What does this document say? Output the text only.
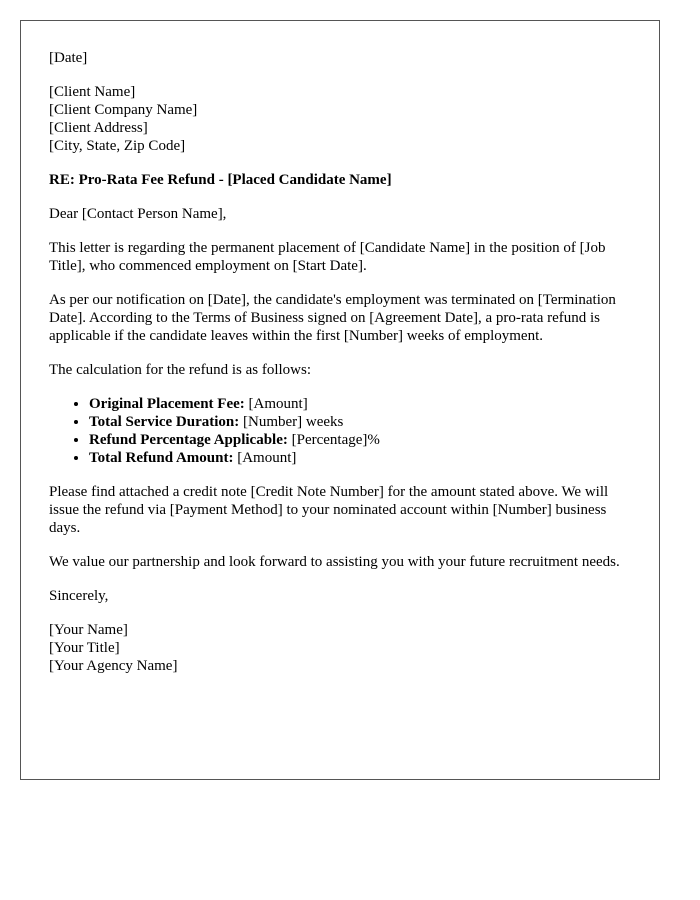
[Date]

[Client Name]
[Client Company Name]
[Client Address]
[City, State, Zip Code]

RE: Pro-Rata Fee Refund - [Placed Candidate Name]

Dear [Contact Person Name],

This letter is regarding the permanent placement of [Candidate Name] in the position of [Job Title], who commenced employment on [Start Date].

As per our notification on [Date], the candidate's employment was terminated on [Termination Date]. According to the Terms of Business signed on [Agreement Date], a pro-rata refund is applicable if the candidate leaves within the first [Number] weeks of employment.

The calculation for the refund is as follows:

• Original Placement Fee: [Amount]
• Total Service Duration: [Number] weeks
• Refund Percentage Applicable: [Percentage]%
• Total Refund Amount: [Amount]

Please find attached a credit note [Credit Note Number] for the amount stated above. We will issue the refund via [Payment Method] to your nominated account within [Number] business days.

We value our partnership and look forward to assisting you with your future recruitment needs.

Sincerely,

[Your Name]
[Your Title]
[Your Agency Name]
